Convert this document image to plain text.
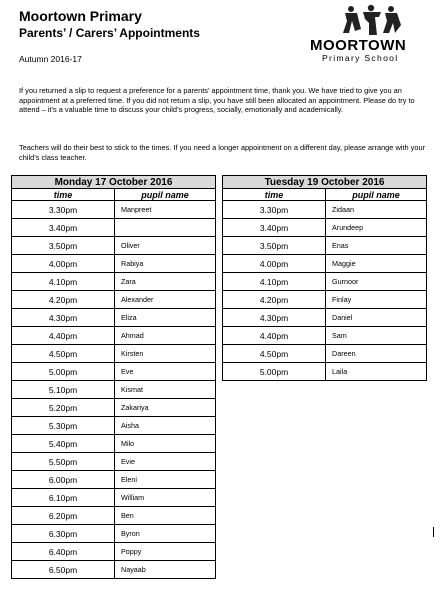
Moortown Primary
Parents’ / Carers’ Appointments
Autumn 2016-17
MOORTOWN
Primary School
If you returned a slip to request a preference for a parents’ appointment time, thank you. We have tried to give you an appointment at a preferred time. If you did not return a slip, you have still been allocated an appointment. Please do try to attend – it’s a valuable time to discuss your child’s progress, socially, emotionally and academically.
Teachers will do their best to stick to the times. If you need a longer appointment on a different day, please arrange with your child’s class teacher.
Monday 17 October 2016	
time	pupil name
3.30pm	Manpreet
3.40pm	
3.50pm	Oliver
4.00pm	Rabiya
4.10pm	Zara
4.20pm	Alexander
4.30pm	Eliza
4.40pm	Ahmad
4.50pm	Kirsten
5.00pm	Eve
5.10pm	Kismat
5.20pm	Zakariya
5.30pm	Aisha
5.40pm	Milo
5.50pm	Evie
6.00pm	Eleni
6.10pm	William
6.20pm	Ben
6.30pm	Byron
6.40pm	Poppy
6.50pm	Nayaab
Tuesday 19 October 2016	
time	pupil name
3.30pm	Zidaan
3.40pm	Arundeep
3.50pm	Enas
4.00pm	Maggie
4.10pm	Gurnoor
4.20pm	Finlay
4.30pm	Daniel
4.40pm	Sam
4.50pm	Dareen
5.00pm	Laila
